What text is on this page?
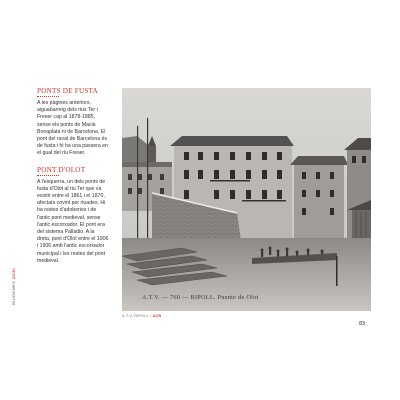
RIUDEMES ACSI
PONTS DE FUSTA
A les pàgines anteriors, aiguabarreig dels rius Ter i Freser cap al 1878-1885, sense els ponts de Macià Bonaplata ni de Barcelona. El pont del raval de Barcelona és de fusta i hi ha una passera en el gual del riu Freser.
PONT D'OLOT
A l'esquerra, un dels ponts de fusta d'Olot al riu Ter que va existir entre el 1861 i el 1870, afectats covint per riuades. Hi ha restes d'adoberies i de l'antic pont medieval, sense l'antic escorxador. El pont era del sistema Palladio. A la dreta, pont d'Olot entre el 1906 i 1906 amb l'antic escorxador municipal i les restes del pont medieval.
A.T.V. — 760 — RIPOLL. Puente de Olot
A.T.V. RIPOLL / ACR
83
